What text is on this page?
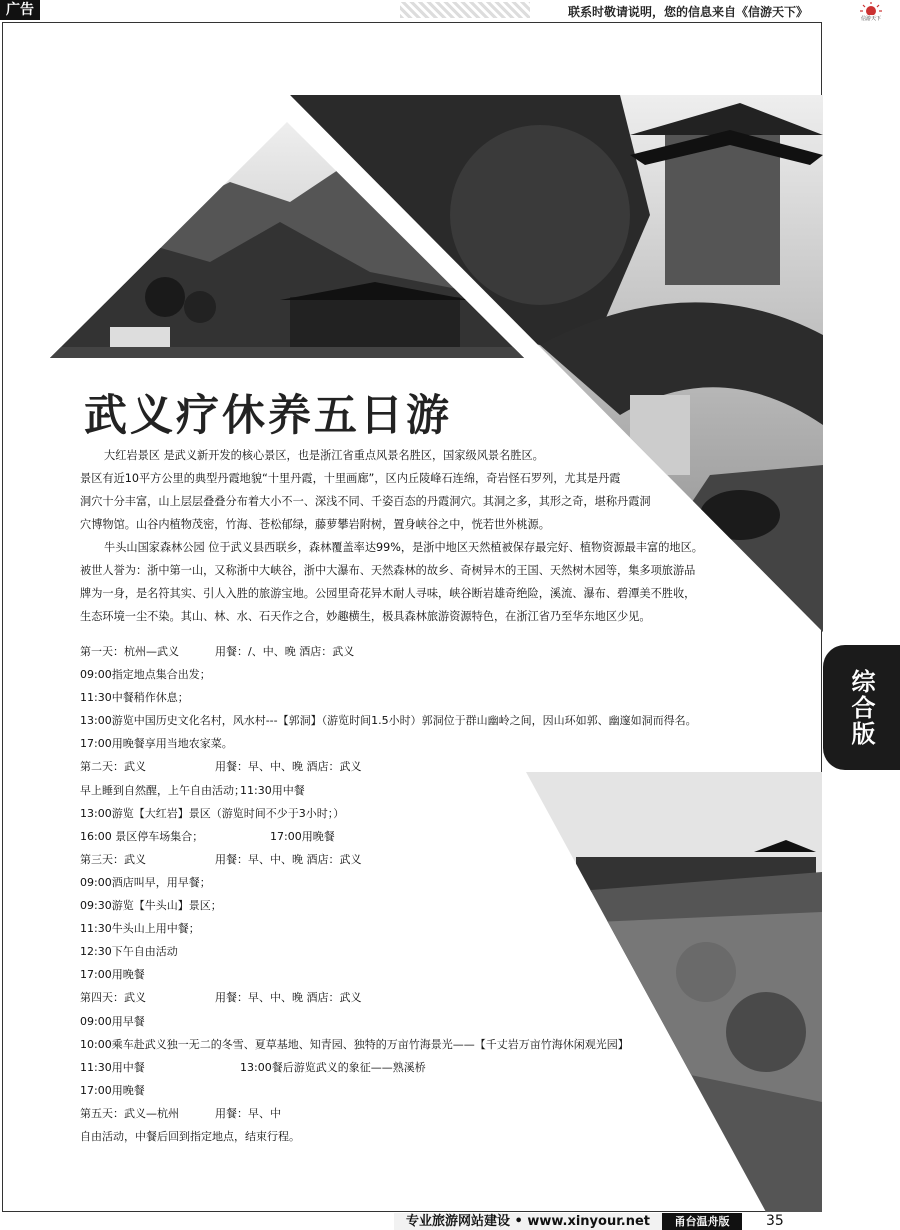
广告	联系时敬请说明，您的信息来自《信游天下》	信游天下
武义疗休养五日游

大红岩景区 是武义新开发的核心景区，也是浙江省重点风景名胜区，国家级风景名胜区。

景区有近10平方公里的典型丹霞地貌“十里丹霞，十里画廊”，区内丘陵峰石连绵，奇岩怪石罗列，尤其是丹霞

洞穴十分丰富，山上层层叠叠分布着大小不一、深浅不同、千姿百态的丹霞洞穴。其洞之多，其形之奇，堪称丹霞洞

穴博物馆。山谷内植物茂密，竹海、苍松郁绿，藤萝攀岩附树，置身峡谷之中，恍若世外桃源。

牛头山国家森林公园 位于武义县西联乡，森林覆盖率达99%，是浙中地区天然植被保存最完好、植物资源最丰富的地区。

被世人誉为：浙中第一山，又称浙中大峡谷，浙中大瀑布、天然森林的故乡、奇树异木的王国、天然树木园等，集多项旅游品

牌为一身，是名符其实、引人入胜的旅游宝地。公园里奇花异木耐人寻味，峡谷断岩雄奇绝险，溪流、瀑布、碧潭美不胜收，

生态环境一尘不染。其山、林、水、石天作之合，妙趣横生，极具森林旅游资源特色，在浙江省乃至华东地区少见。

第一天：杭州—武义	用餐：/、中、晚 酒店：武义
09:00指定地点集合出发；
11:30中餐稍作休息；
13:00游览中国历史文化名村，风水村---【郭洞】（游览时间1.5小时）郭洞位于群山幽岭之间，因山环如郭、幽邃如洞而得名。
17:00用晚餐享用当地农家菜。
第二天：武义	用餐：早、中、晚 酒店：武义
早上睡到自然醒，上午自由活动；
11:30用中餐
13:00游览【大红岩】景区（游览时间不少于3小时；）
16:00 景区停车场集合；	17:00用晚餐
第三天：武义	用餐：早、中、晚 酒店：武义
09:00酒店叫早，用早餐；
09:30游览【牛头山】景区；
11:30牛头山上用中餐；
12:30下午自由活动
17:00用晚餐
第四天：武义	用餐：早、中、晚 酒店：武义
09:00用早餐
10:00乘车赴武义独一无二的冬雪、夏草基地、知青园、独特的万亩竹海景光——【千丈岩万亩竹海休闲观光园】
11:30用中餐	13:00餐后游览武义的象征——熟溪桥
17:00用晚餐
第五天：武义—杭州	用餐：早、中
自由活动，中餐后回到指定地点，结束行程。
综合版
专业旅游网站建设 • www.xinyour.net	甬台温舟版	35
